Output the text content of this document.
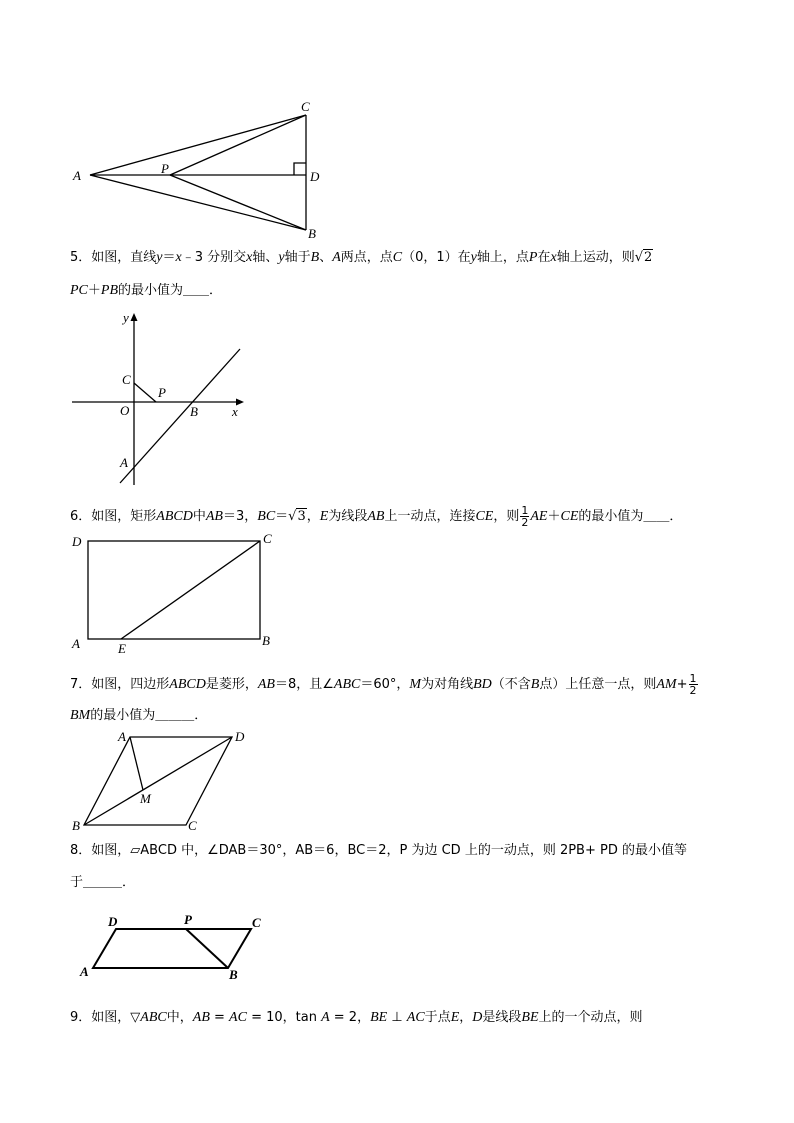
A	P
C
D
B
5．如图，直线y＝x﹣3 分别交x轴、y轴于B、A两点，点C（0，1）在y轴上，点P在x轴上运动，则√2
PC＋PB的最小值为＿＿．
y
x
O
C
P
B
A
6．如图，矩形ABCD中AB＝3，BC＝√3，E为线段AB上一动点，连接CE，则 $\frac{1}{2} AE+CE$的最小值为＿＿．
D	C
A	B
E
7．如图，四边形ABCD是菱形，AB＝8，且∠ABC＝60°，M为对角线BD（不含B点）上任意一点，则$AM+ \frac{1}{2}$
BM的最小值为＿＿＿．
A	D
M
B	C
8．如图，▱ABCD 中，∠DAB＝30°，AB＝6，BC＝2，P 为边 CD 上的一动点，则 2PB+ PD 的最小值等
于＿＿＿．
D	P	C
A	B
9．如图，▽ABC中，AB = AC = 10，tan A = 2，BE ⊥ AC于点E，D是线段BE上的一个动点，则
